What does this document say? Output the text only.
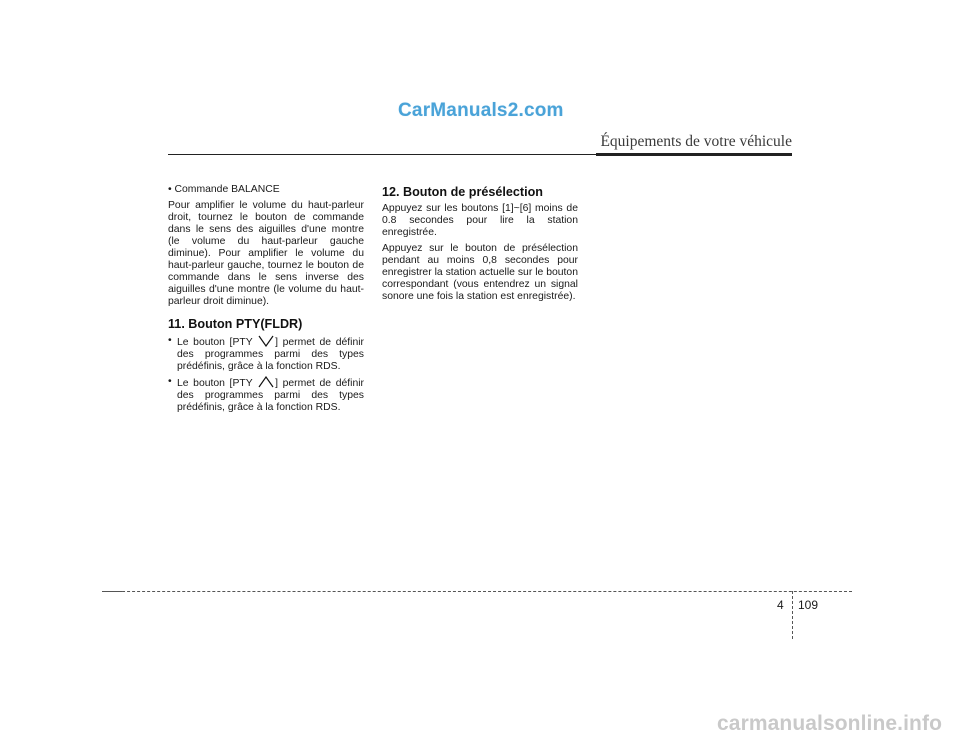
CarManuals2.com
Équipements de votre véhicule

• Commande BALANCE

Pour amplifier le volume du haut-parleur droit, tournez le bouton de commande dans le sens des aiguilles d'une montre (le volume du haut-parleur gauche diminue). Pour amplifier le volume du haut-parleur gauche, tournez le bouton de commande dans le sens inverse des aiguilles d'une montre (le volume du haut-parleur droit diminue).

11. Bouton PTY(FLDR)
• Le bouton [PTY ] permet de définir des programmes parmi des types prédéfinis, grâce à la fonction RDS.
• Le bouton [PTY ] permet de définir des programmes parmi des types prédéfinis, grâce à la fonction RDS.
12. Bouton de présélection

Appuyez sur les boutons [1]~[6] moins de 0.8 secondes pour lire la station enregistrée.

Appuyez sur le bouton de présélection pendant au moins 0,8 secondes pour enregistrer la station actuelle sur le bouton correspondant (vous entendrez un signal sonore une fois la station est enregistrée).

4 109
carmanualsonline.info
